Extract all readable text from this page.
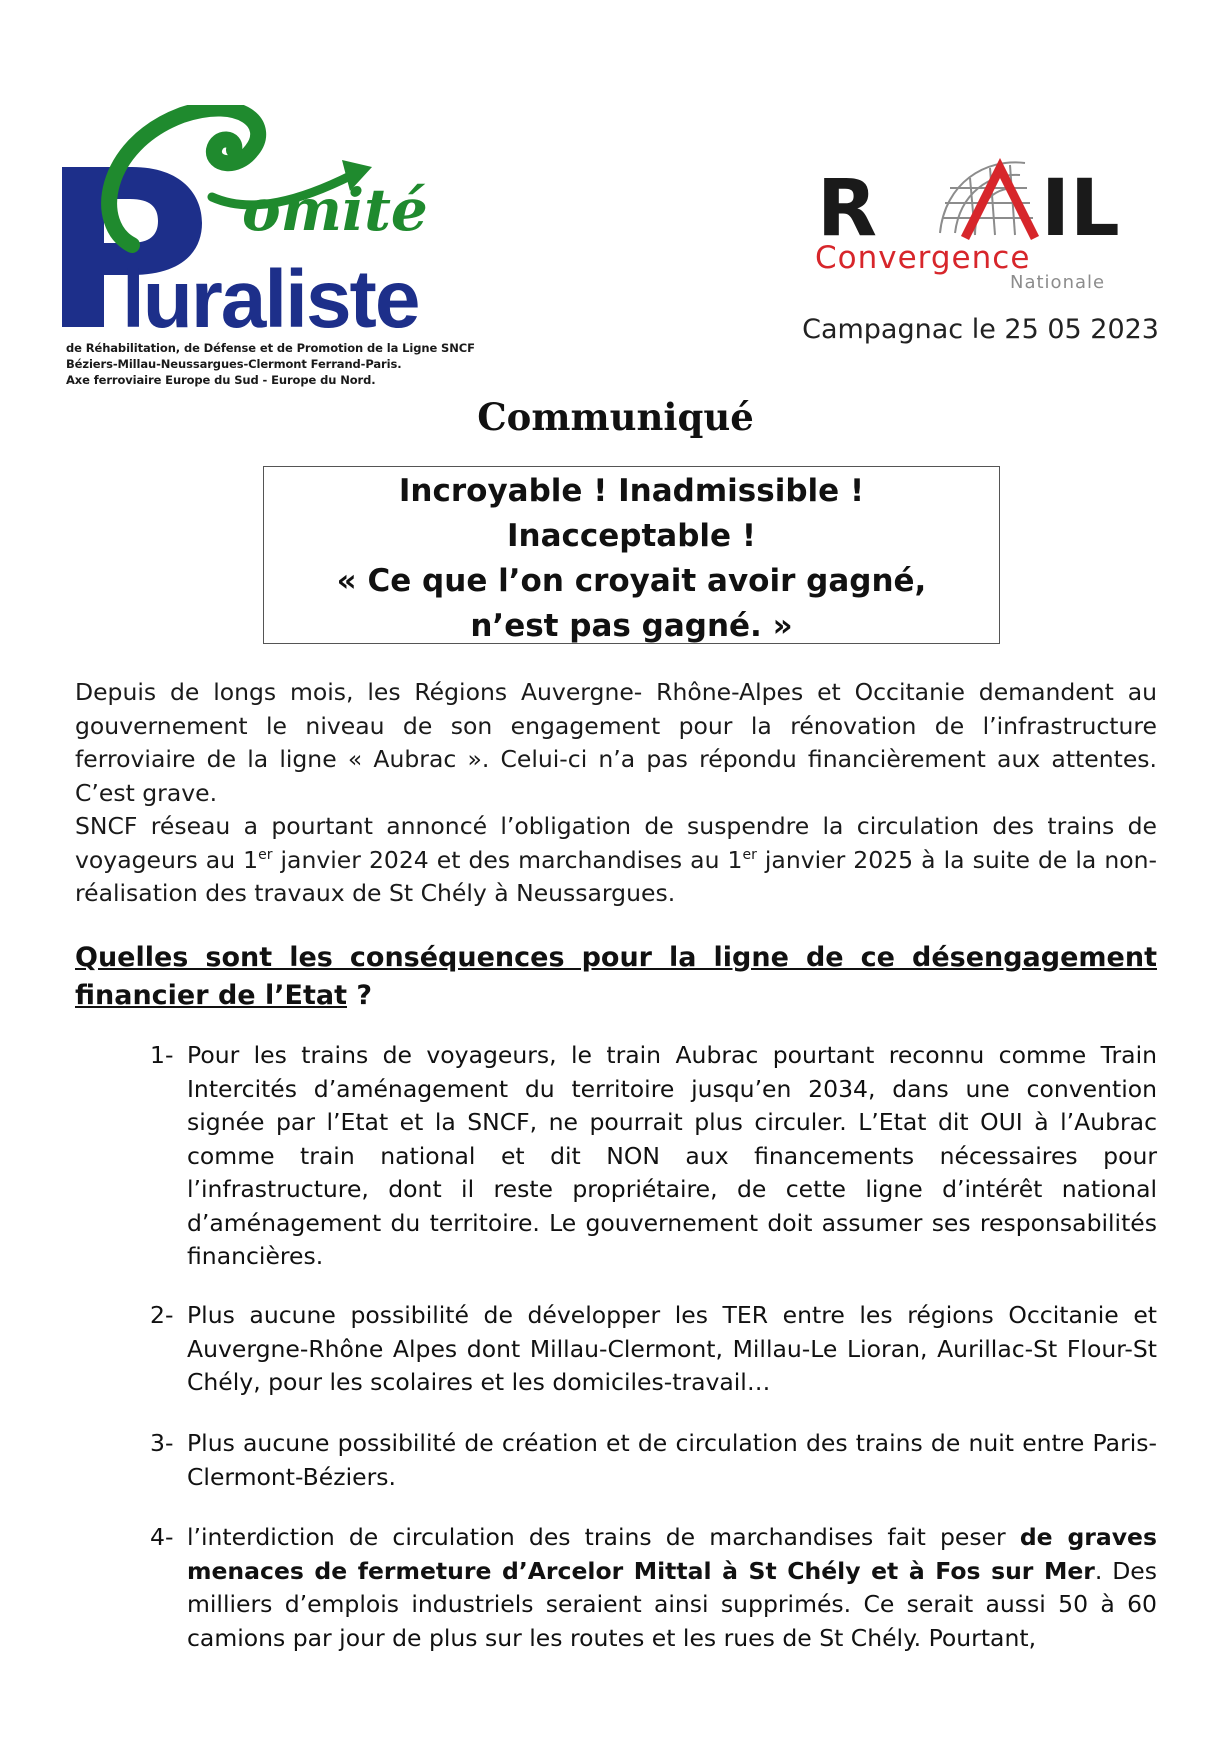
omité
luraliste
de Réhabilitation, de Défense et de Promotion de la Ligne SNCF
Béziers-Millau-Neussargues-Clermont Ferrand-Paris.
Axe ferroviaire Europe du Sud - Europe du Nord.
R IL
Convergence
Nationale
Campagnac le 25 05 2023
Communiqué
Incroyable ! Inadmissible !
Inacceptable !
« Ce que l’on croyait avoir gagné,
n’est pas gagné. »

Depuis de longs mois, les Régions Auvergne- Rhône-Alpes et Occitanie demandent au gouvernement le niveau de son engagement pour la rénovation de l’infrastructure ferroviaire de la ligne « Aubrac ». Celui-ci n’a pas répondu financièrement aux attentes. C’est grave.

SNCF réseau a pourtant annoncé l’obligation de suspendre la circulation des trains de voyageurs au 1er janvier 2024 et des marchandises au 1er janvier 2025 à la suite de la non-réalisation des travaux de St Chély à Neussargues.

Quelles sont les conséquences pour la ligne de ce désengagement financier de l’Etat ?
1- Pour les trains de voyageurs, le train Aubrac pourtant reconnu comme Train Intercités d’aménagement du territoire jusqu’en 2034, dans une convention signée par l’Etat et la SNCF, ne pourrait plus circuler. L’Etat dit OUI à l’Aubrac comme train national et dit NON aux financements nécessaires pour l’infrastructure, dont il reste propriétaire, de cette ligne d’intérêt national d’aménagement du territoire. Le gouvernement doit assumer ses responsabilités financières.
2- Plus aucune possibilité de développer les TER entre les régions Occitanie et Auvergne-Rhône Alpes dont Millau-Clermont, Millau-Le Lioran, Aurillac-St Flour-St Chély, pour les scolaires et les domiciles-travail…
3- Plus aucune possibilité de création et de circulation des trains de nuit entre Paris-Clermont-Béziers.
4- l’interdiction de circulation des trains de marchandises fait peser de graves menaces de fermeture d’Arcelor Mittal à St Chély et à Fos sur Mer. Des milliers d’emplois industriels seraient ainsi supprimés. Ce serait aussi 50 à 60 camions par jour de plus sur les routes et les rues de St Chély. Pourtant,
